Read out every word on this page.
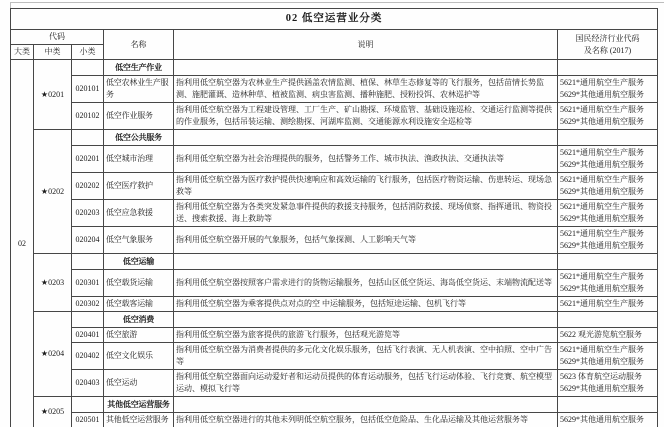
02 低空运营业分类					
代码			名称	说明	国民经济行业代码
及名称 (2017)

大类	中类	小类			
02	★0201		低空生产作业		
		020101	低空农林业生产服务	指利用低空航空器为农林业生产提供涵盖农情监测、植保、林草生态修复等的飞行服务，包括苗情长势监测、施肥灌溉、造林种草、植被监测、病虫害监测、播种施肥、授粉投饵、农林巡护等	5621*通用航空生产服务
5629*其他通用航空服务

		020102	低空作业服务	指利用低空航空器为工程建设管理、工厂生产、矿山勘探、环境监管、基础设施巡检、交通运行监测等提供的作业服务，包括吊装运输、测绘勘探、河湖库监测、交通能源水利设施安全巡检等	5621*通用航空生产服务
5629*其他通用航空服务

	★0202		低空公共服务		
		020201	低空城市治理	指利用低空航空器为社会治理提供的服务，包括警务工作、城市执法、渔政执法、交通执法等	5621*通用航空生产服务
5629*其他通用航空服务

		020202	低空医疗救护	指利用低空航空器为医疗救护提供快速响应和高效运输的飞行服务，包括医疗物资运输、伤患转运、现场急救等	5621*通用航空生产服务
5629*其他通用航空服务

		020203	低空应急救援	指利用低空航空器为各类突发紧急事件提供的救援支持服务，包括消防救援、现场侦察、指挥通讯、物资投送、搜索救援、海上救助等	5621*通用航空生产服务
5629*其他通用航空服务

		020204	低空气象服务	指利用低空航空器开展的气象服务，包括气象探测、人工影响天气等	5621*通用航空生产服务
5629*其他通用航空服务

	★0203		低空运输		
		020301	低空载货运输	指利用低空航空器按照客户需求进行的货物运输服务，包括山区低空货运、海岛低空货运、末端物流配送等	5621*通用航空生产服务
5629*其他通用航空服务

		020302	低空载客运输	指利用低空航空器为乘客提供点对点的空 中运输服务，包括短途运输、包机飞行等	5621*通用航空生产服务

	★0204		低空消费		
		020401	低空旅游	指利用低空航空器为旅客提供的旅游飞行服务，包括观光游览等	5622 观光游览航空服务

		020402	低空文化娱乐	指利用低空航空器为消费者提供的多元化文化娱乐服务，包括飞行表演、无人机表演、空中拍照、空中广告等	5621*通用航空生产服务
5629*其他通用航空服务

		020403	低空运动	指利用低空航空器面向运动爱好者和运动员提供的体育运动服务，包括飞行运动体验、飞行竞赛、航空模型运动、模拟飞行等	5623 体育航空运动服务
5629*其他通用航空服务

	★0205		其他低空运营服务		
		020501	其他低空运营服务	指利用低空航空器进行的其他未列明低空航空服务，包括低空危险品、生化品运输及其他运营服务等	5629*其他通用航空服务
